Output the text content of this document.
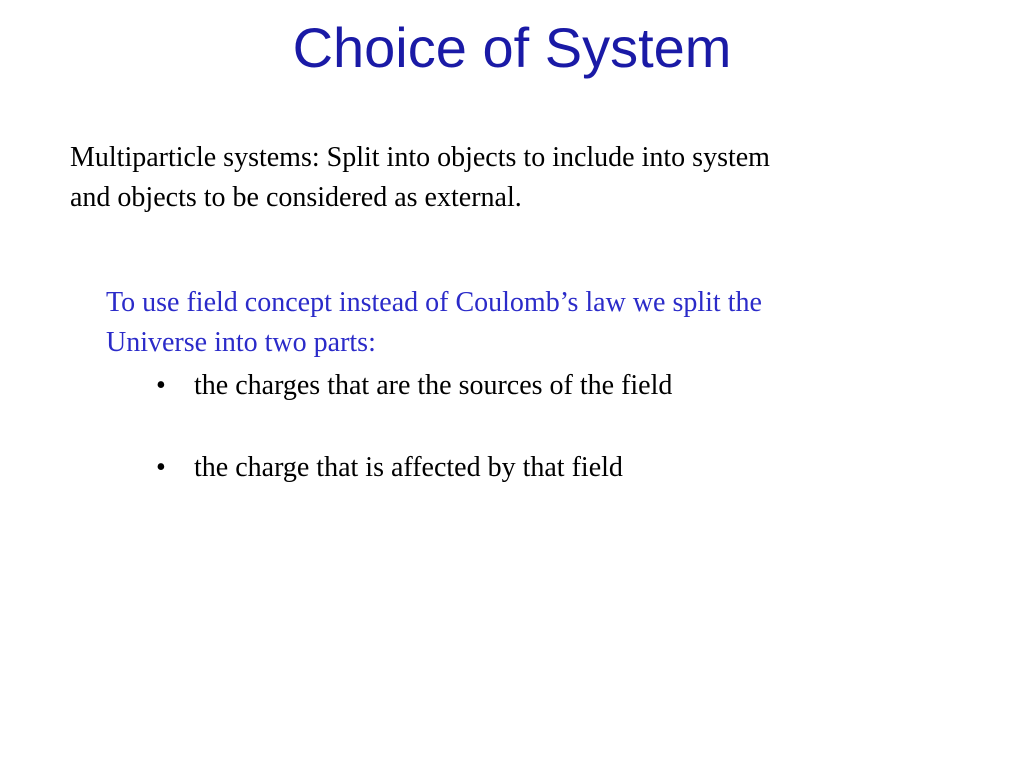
Choice of System

Multiparticle systems: Split into objects to include into system
and objects to be considered as external.

To use field concept instead of Coulomb’s law we split the
Universe into two parts:

•	the charges that are the sources of the field
•	the charge that is affected by that field
